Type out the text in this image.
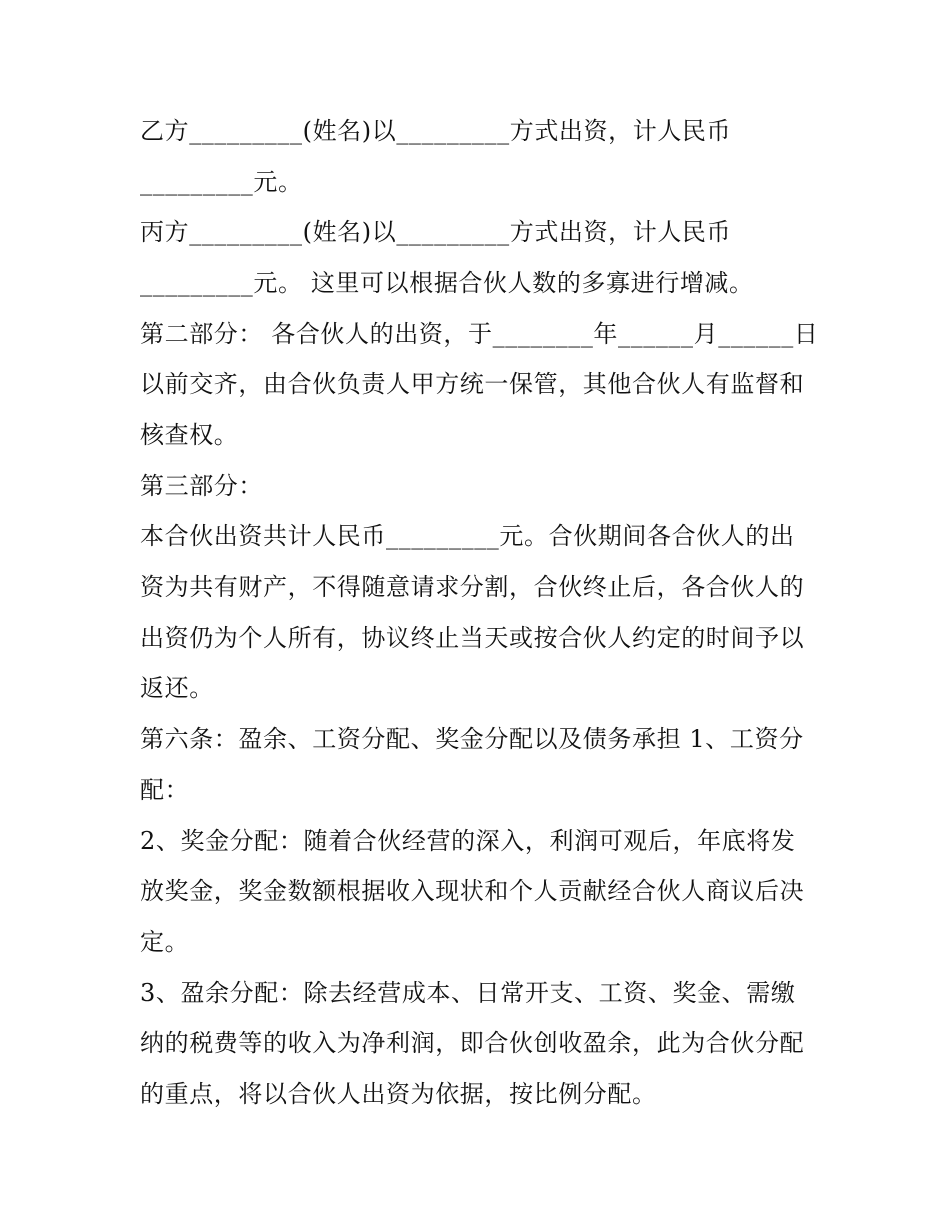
乙方_________(姓名)以_________方式出资，计人民币

_________元。

丙方_________(姓名)以_________方式出资，计人民币

_________元。 这里可以根据合伙人数的多寡进行增减。

第二部分： 各合伙人的出资，于________年______月______日

以前交齐，由合伙负责人甲方统一保管，其他合伙人有监督和

核查权。

第三部分：

本合伙出资共计人民币_________元。合伙期间各合伙人的出

资为共有财产，不得随意请求分割，合伙终止后，各合伙人的

出资仍为个人所有，协议终止当天或按合伙人约定的时间予以

返还。

第六条：盈余、工资分配、奖金分配以及债务承担 1、工资分

配：

2、奖金分配：随着合伙经营的深入，利润可观后，年底将发

放奖金，奖金数额根据收入现状和个人贡献经合伙人商议后决

定。

3、盈余分配：除去经营成本、日常开支、工资、奖金、需缴

纳的税费等的收入为净利润，即合伙创收盈余，此为合伙分配

的重点，将以合伙人出资为依据，按比例分配。
